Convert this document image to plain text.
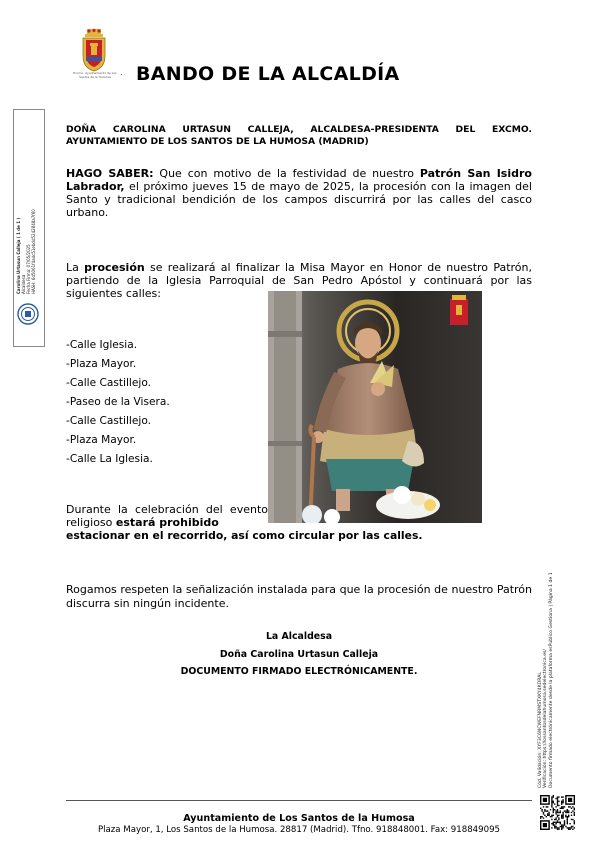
Excmo. Ayuntamiento de Los Santos de la Humosa	. BANDO DE LA ALCALDÍA
Carolina Urtasun Calleja ( 1 de 1 ) Alcaldesa Fecha Firma: 07/05/2025 HASH: 6d5061f4adc51ebdd5242848a7f60
DOÑA CAROLINA URTASUN CALLEJA, ALCALDESA-PRESIDENTA DEL EXCMO. AYUNTAMIENTO DE LOS SANTOS DE LA HUMOSA (MADRID)
HAGO SABER: Que con motivo de la festividad de nuestro Patrón San Isidro Labrador, el próximo jueves 15 de mayo de 2025, la procesión con la imagen del Santo y tradicional bendición de los campos discurrirá por las calles del casco urbano.
La procesión se realizará al finalizar la Misa Mayor en Honor de nuestro Patrón, partiendo de la Iglesia Parroquial de San Pedro Apóstol y continuará por las siguientes calles:
-Calle Iglesia.
-Plaza Mayor.
-Calle Castillejo.
-Paseo de la Visera.
-Calle Castillejo.
-Plaza Mayor.
-Calle La Iglesia.
Durante la celebración del evento religioso estará prohibido
estacionar en el recorrido, así como circular por las calles.
Rogamos respeten la señalización instalada para que la procesión de nuestro Patrón discurra sin ningún incidente.
La Alcaldesa
Doña Carolina Urtasun Calleja
DOCUMENTO FIRMADO ELECTRÓNICAMENTE.
Cód. Validación: XYF3C6NCWEFNRMSTXKY4KDRAL Verificación: https://lossantosdelahumosa.sedelectronica.es/ Documento firmado electrónicamente desde la plataforma esPublico Gestiona | Página 1 de 1
Ayuntamiento de Los Santos de la Humosa
Plaza Mayor, 1, Los Santos de la Humosa. 28817 (Madrid). Tfno. 918848001. Fax: 918849095
